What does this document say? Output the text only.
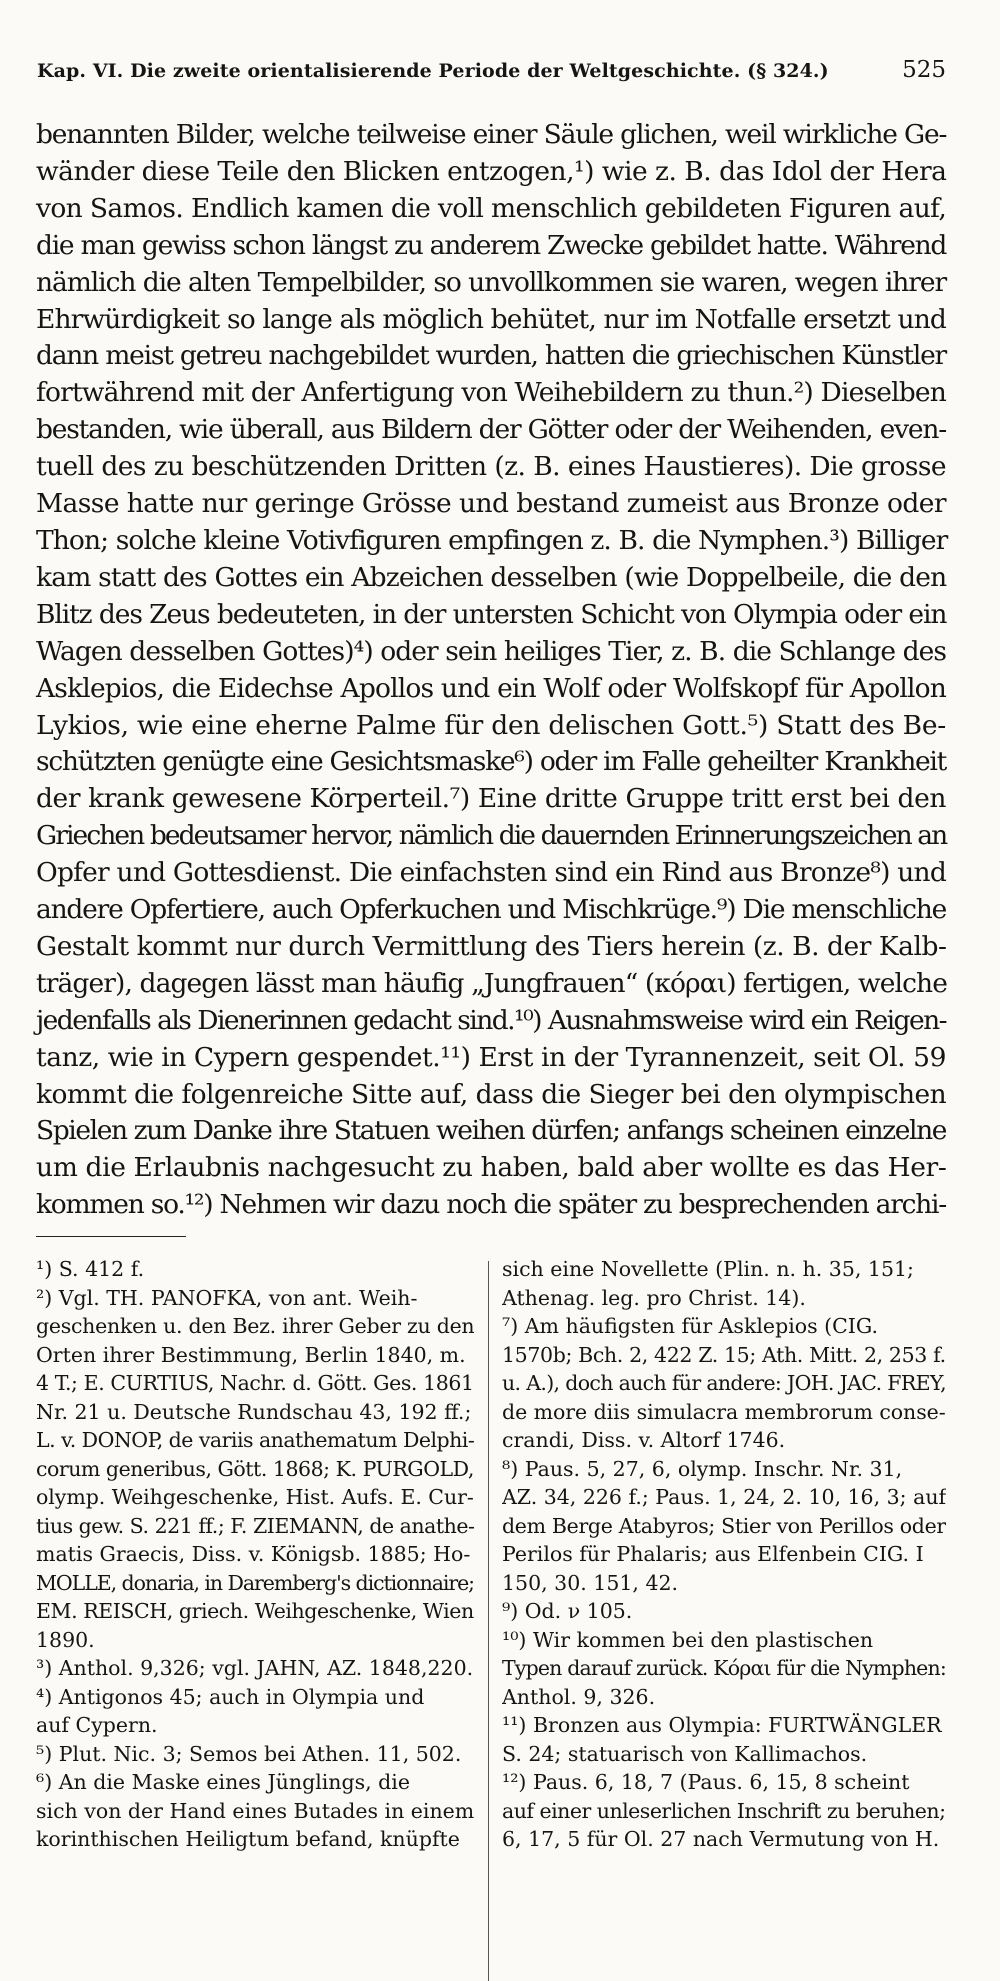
Kap. VI. Die zweite orientalisierende Periode der Weltgeschichte. (§ 324.)	525
benannten Bilder, welche teilweise einer Säule glichen, weil wirkliche Ge-
wänder diese Teile den Blicken entzogen,¹) wie z. B. das Idol der Hera
von Samos. Endlich kamen die voll menschlich gebildeten Figuren auf,
die man gewiss schon längst zu anderem Zwecke gebildet hatte. Während
nämlich die alten Tempelbilder, so unvollkommen sie waren, wegen ihrer
Ehrwürdigkeit so lange als möglich behütet, nur im Notfalle ersetzt und
dann meist getreu nachgebildet wurden, hatten die griechischen Künstler
fortwährend mit der Anfertigung von Weihebildern zu thun.²) Dieselben
bestanden, wie überall, aus Bildern der Götter oder der Weihenden, even-
tuell des zu beschützenden Dritten (z. B. eines Haustieres). Die grosse
Masse hatte nur geringe Grösse und bestand zumeist aus Bronze oder
Thon; solche kleine Votivfiguren empfingen z. B. die Nymphen.³) Billiger
kam statt des Gottes ein Abzeichen desselben (wie Doppelbeile, die den
Blitz des Zeus bedeuteten, in der untersten Schicht von Olympia oder ein
Wagen desselben Gottes)⁴) oder sein heiliges Tier, z. B. die Schlange des
Asklepios, die Eidechse Apollos und ein Wolf oder Wolfskopf für Apollon
Lykios, wie eine eherne Palme für den delischen Gott.⁵) Statt des Be-
schützten genügte eine Gesichtsmaske⁶) oder im Falle geheilter Krankheit
der krank gewesene Körperteil.⁷) Eine dritte Gruppe tritt erst bei den
Griechen bedeutsamer hervor, nämlich die dauernden Erinnerungszeichen an
Opfer und Gottesdienst. Die einfachsten sind ein Rind aus Bronze⁸) und
andere Opfertiere, auch Opferkuchen und Mischkrüge.⁹) Die menschliche
Gestalt kommt nur durch Vermittlung des Tiers herein (z. B. der Kalb-
träger), dagegen lässt man häufig „Jungfrauen“ (κόραι) fertigen, welche
jedenfalls als Dienerinnen gedacht sind.¹⁰) Ausnahmsweise wird ein Reigen-
tanz, wie in Cypern gespendet.¹¹) Erst in der Tyrannenzeit, seit Ol. 59
kommt die folgenreiche Sitte auf, dass die Sieger bei den olympischen
Spielen zum Danke ihre Statuen weihen dürfen; anfangs scheinen einzelne
um die Erlaubnis nachgesucht zu haben, bald aber wollte es das Her-
kommen so.¹²) Nehmen wir dazu noch die später zu besprechenden archi-
¹) S. 412 f.
²) Vgl. TH. PANOFKA, von ant. Weih-
geschenken u. den Bez. ihrer Geber zu den
Orten ihrer Bestimmung, Berlin 1840, m.
4 T.; E. CURTIUS, Nachr. d. Gött. Ges. 1861
Nr. 21 u. Deutsche Rundschau 43, 192 ff.;
L. v. DONOP, de variis anathematum Delphi-
corum generibus, Gött. 1868; K. PURGOLD,
olymp. Weihgeschenke, Hist. Aufs. E. Cur-
tius gew. S. 221 ff.; F. ZIEMANN, de anathe-
matis Graecis, Diss. v. Königsb. 1885; Ho-
MOLLE, donaria, in Daremberg's dictionnaire;
EM. REISCH, griech. Weihgeschenke, Wien
1890.
³) Anthol. 9,326; vgl. JAHN, AZ. 1848,220.
⁴) Antigonos 45; auch in Olympia und
auf Cypern.
⁵) Plut. Nic. 3; Semos bei Athen. 11, 502.
⁶) An die Maske eines Jünglings, die
sich von der Hand eines Butades in einem
korinthischen Heiligtum befand, knüpfte
sich eine Novellette (Plin. n. h. 35, 151;
Athenag. leg. pro Christ. 14).
⁷) Am häufigsten für Asklepios (CIG.
1570b; Bch. 2, 422 Z. 15; Ath. Mitt. 2, 253 f.
u. A.), doch auch für andere: JOH. JAC. FREY,
de more diis simulacra membrorum conse-
crandi, Diss. v. Altorf 1746.
⁸) Paus. 5, 27, 6, olymp. Inschr. Nr. 31,
AZ. 34, 226 f.; Paus. 1, 24, 2. 10, 16, 3; auf
dem Berge Atabyros; Stier von Perillos oder
Perilos für Phalaris; aus Elfenbein CIG. I
150, 30. 151, 42.
⁹) Od. ν 105.
¹⁰) Wir kommen bei den plastischen
Typen darauf zurück. Κόραι für die Nymphen:
Anthol. 9, 326.
¹¹) Bronzen aus Olympia: FURTWÄNGLER
S. 24; statuarisch von Kallimachos.
¹²) Paus. 6, 18, 7 (Paus. 6, 15, 8 scheint
auf einer unleserlichen Inschrift zu beruhen;
6, 17, 5 für Ol. 27 nach Vermutung von H.
